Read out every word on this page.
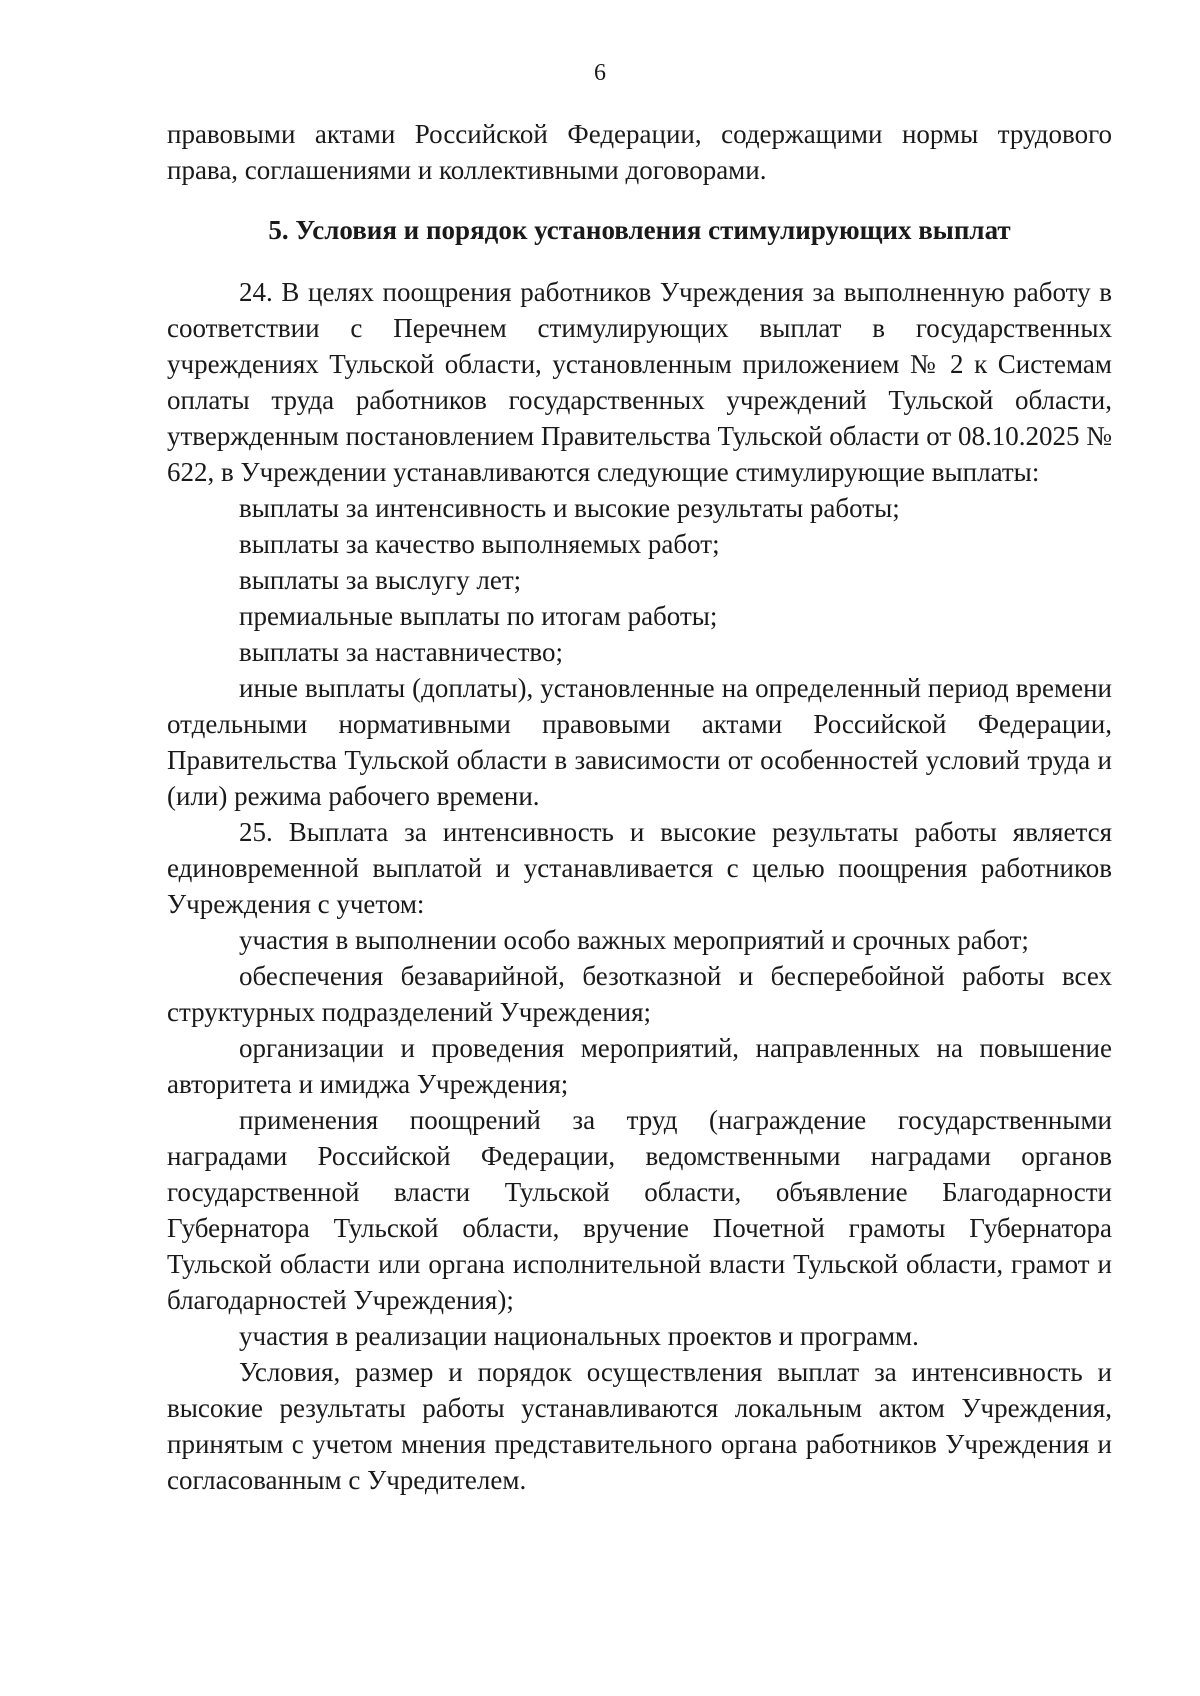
6

правовыми актами Российской Федерации, содержащими нормы трудового права, соглашениями и коллективными договорами.

5. Условия и порядок установления стимулирующих выплат

24. В целях поощрения работников Учреждения за выполненную работу в соответствии с Перечнем стимулирующих выплат в государственных учреждениях Тульской области, установленным приложением № 2 к Системам оплаты труда работников государственных учреждений Тульской области, утвержденным постановлением Правительства Тульской области от 08.10.2025 № 622, в Учреждении устанавливаются следующие стимулирующие выплаты:

выплаты за интенсивность и высокие результаты работы;

выплаты за качество выполняемых работ;

выплаты за выслугу лет;

премиальные выплаты по итогам работы;

выплаты за наставничество;

иные выплаты (доплаты), установленные на определенный период времени отдельными нормативными правовыми актами Российской Федерации, Правительства Тульской области в зависимости от особенностей условий труда и (или) режима рабочего времени.

25. Выплата за интенсивность и высокие результаты работы является единовременной выплатой и устанавливается с целью поощрения работников Учреждения с учетом:

участия в выполнении особо важных мероприятий и срочных работ;

обеспечения безаварийной, безотказной и бесперебойной работы всех структурных подразделений Учреждения;

организации и проведения мероприятий, направленных на повышение авторитета и имиджа Учреждения;

применения поощрений за труд (награждение государственными наградами Российской Федерации, ведомственными наградами органов государственной власти Тульской области, объявление Благодарности Губернатора Тульской области, вручение Почетной грамоты Губернатора Тульской области или органа исполнительной власти Тульской области, грамот и благодарностей Учреждения);

участия в реализации национальных проектов и программ.

Условия, размер и порядок осуществления выплат за интенсивность и высокие результаты работы устанавливаются локальным актом Учреждения, принятым с учетом мнения представительного органа работников Учреждения и согласованным с Учредителем.
